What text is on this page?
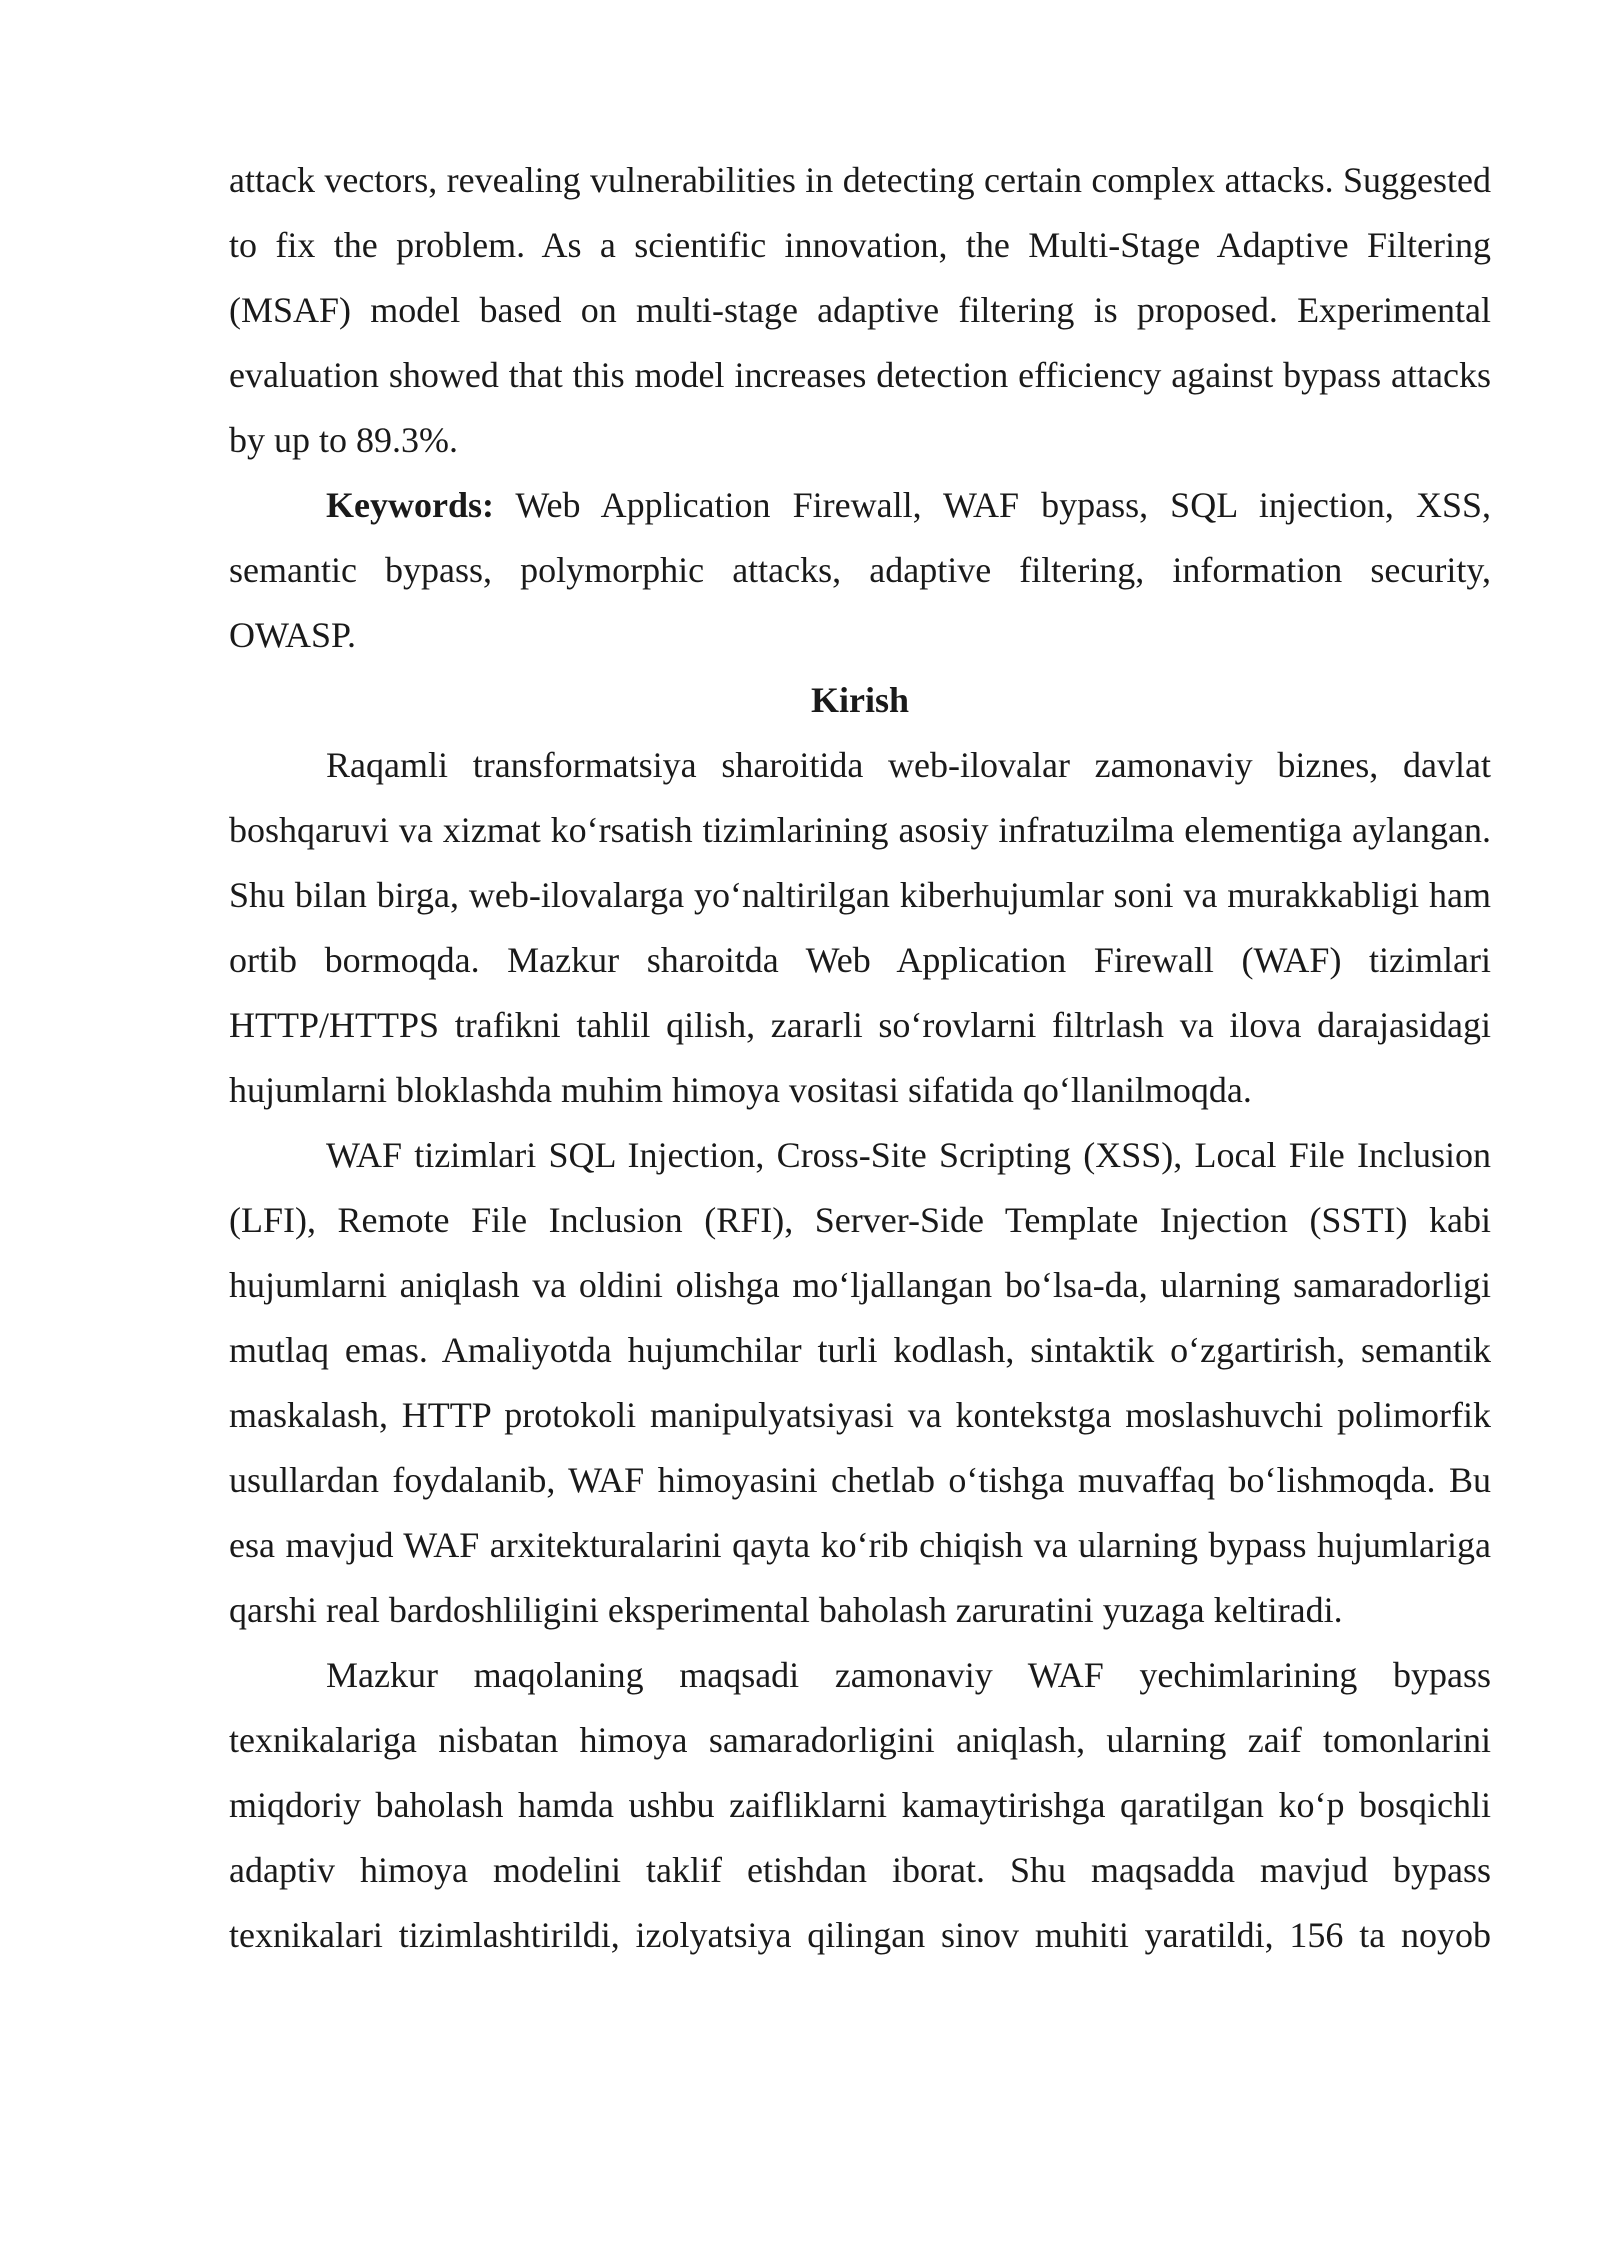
attack vectors, revealing vulnerabilities in detecting certain complex attacks. Suggested to fix the problem. As a scientific innovation, the Multi-Stage Adaptive Filtering (MSAF) model based on multi-stage adaptive filtering is proposed. Experimental evaluation showed that this model increases detection efficiency against bypass attacks by up to 89.3%.

Keywords: Web Application Firewall, WAF bypass, SQL injection, XSS, semantic bypass, polymorphic attacks, adaptive filtering, information security, OWASP.

Kirish

Raqamli transformatsiya sharoitida web-ilovalar zamonaviy biznes, davlat boshqaruvi va xizmat koʻrsatish tizimlarining asosiy infratuzilma elementiga aylangan. Shu bilan birga, web-ilovalarga yoʻnaltirilgan kiberhujumlar soni va murakkabligi ham ortib bormoqda. Mazkur sharoitda Web Application Firewall (WAF) tizimlari HTTP/HTTPS trafikni tahlil qilish, zararli soʻrovlarni filtrlash va ilova darajasidagi hujumlarni bloklashda muhim himoya vositasi sifatida qoʻllanilmoqda.

WAF tizimlari SQL Injection, Cross-Site Scripting (XSS), Local File Inclusion (LFI), Remote File Inclusion (RFI), Server-Side Template Injection (SSTI) kabi hujumlarni aniqlash va oldini olishga moʻljallangan boʻlsa-da, ularning samaradorligi mutlaq emas. Amaliyotda hujumchilar turli kodlash, sintaktik oʻzgartirish, semantik maskalash, HTTP protokoli manipulyatsiyasi va kontekstga moslashuvchi polimorfik usullardan foydalanib, WAF himoyasini chetlab oʻtishga muvaffaq boʻlishmoqda. Bu esa mavjud WAF arxitekturalarini qayta koʻrib chiqish va ularning bypass hujumlariga qarshi real bardoshliligini eksperimental baholash zaruratini yuzaga keltiradi.

Mazkur maqolaning maqsadi zamonaviy WAF yechimlarining bypass texnikalariga nisbatan himoya samaradorligini aniqlash, ularning zaif tomonlarini miqdoriy baholash hamda ushbu zaifliklarni kamaytirishga qaratilgan koʻp bosqichli adaptiv himoya modelini taklif etishdan iborat. Shu maqsadda mavjud bypass texnikalari tizimlashtirildi, izolyatsiya qilingan sinov muhiti yaratildi, 156 ta noyob
